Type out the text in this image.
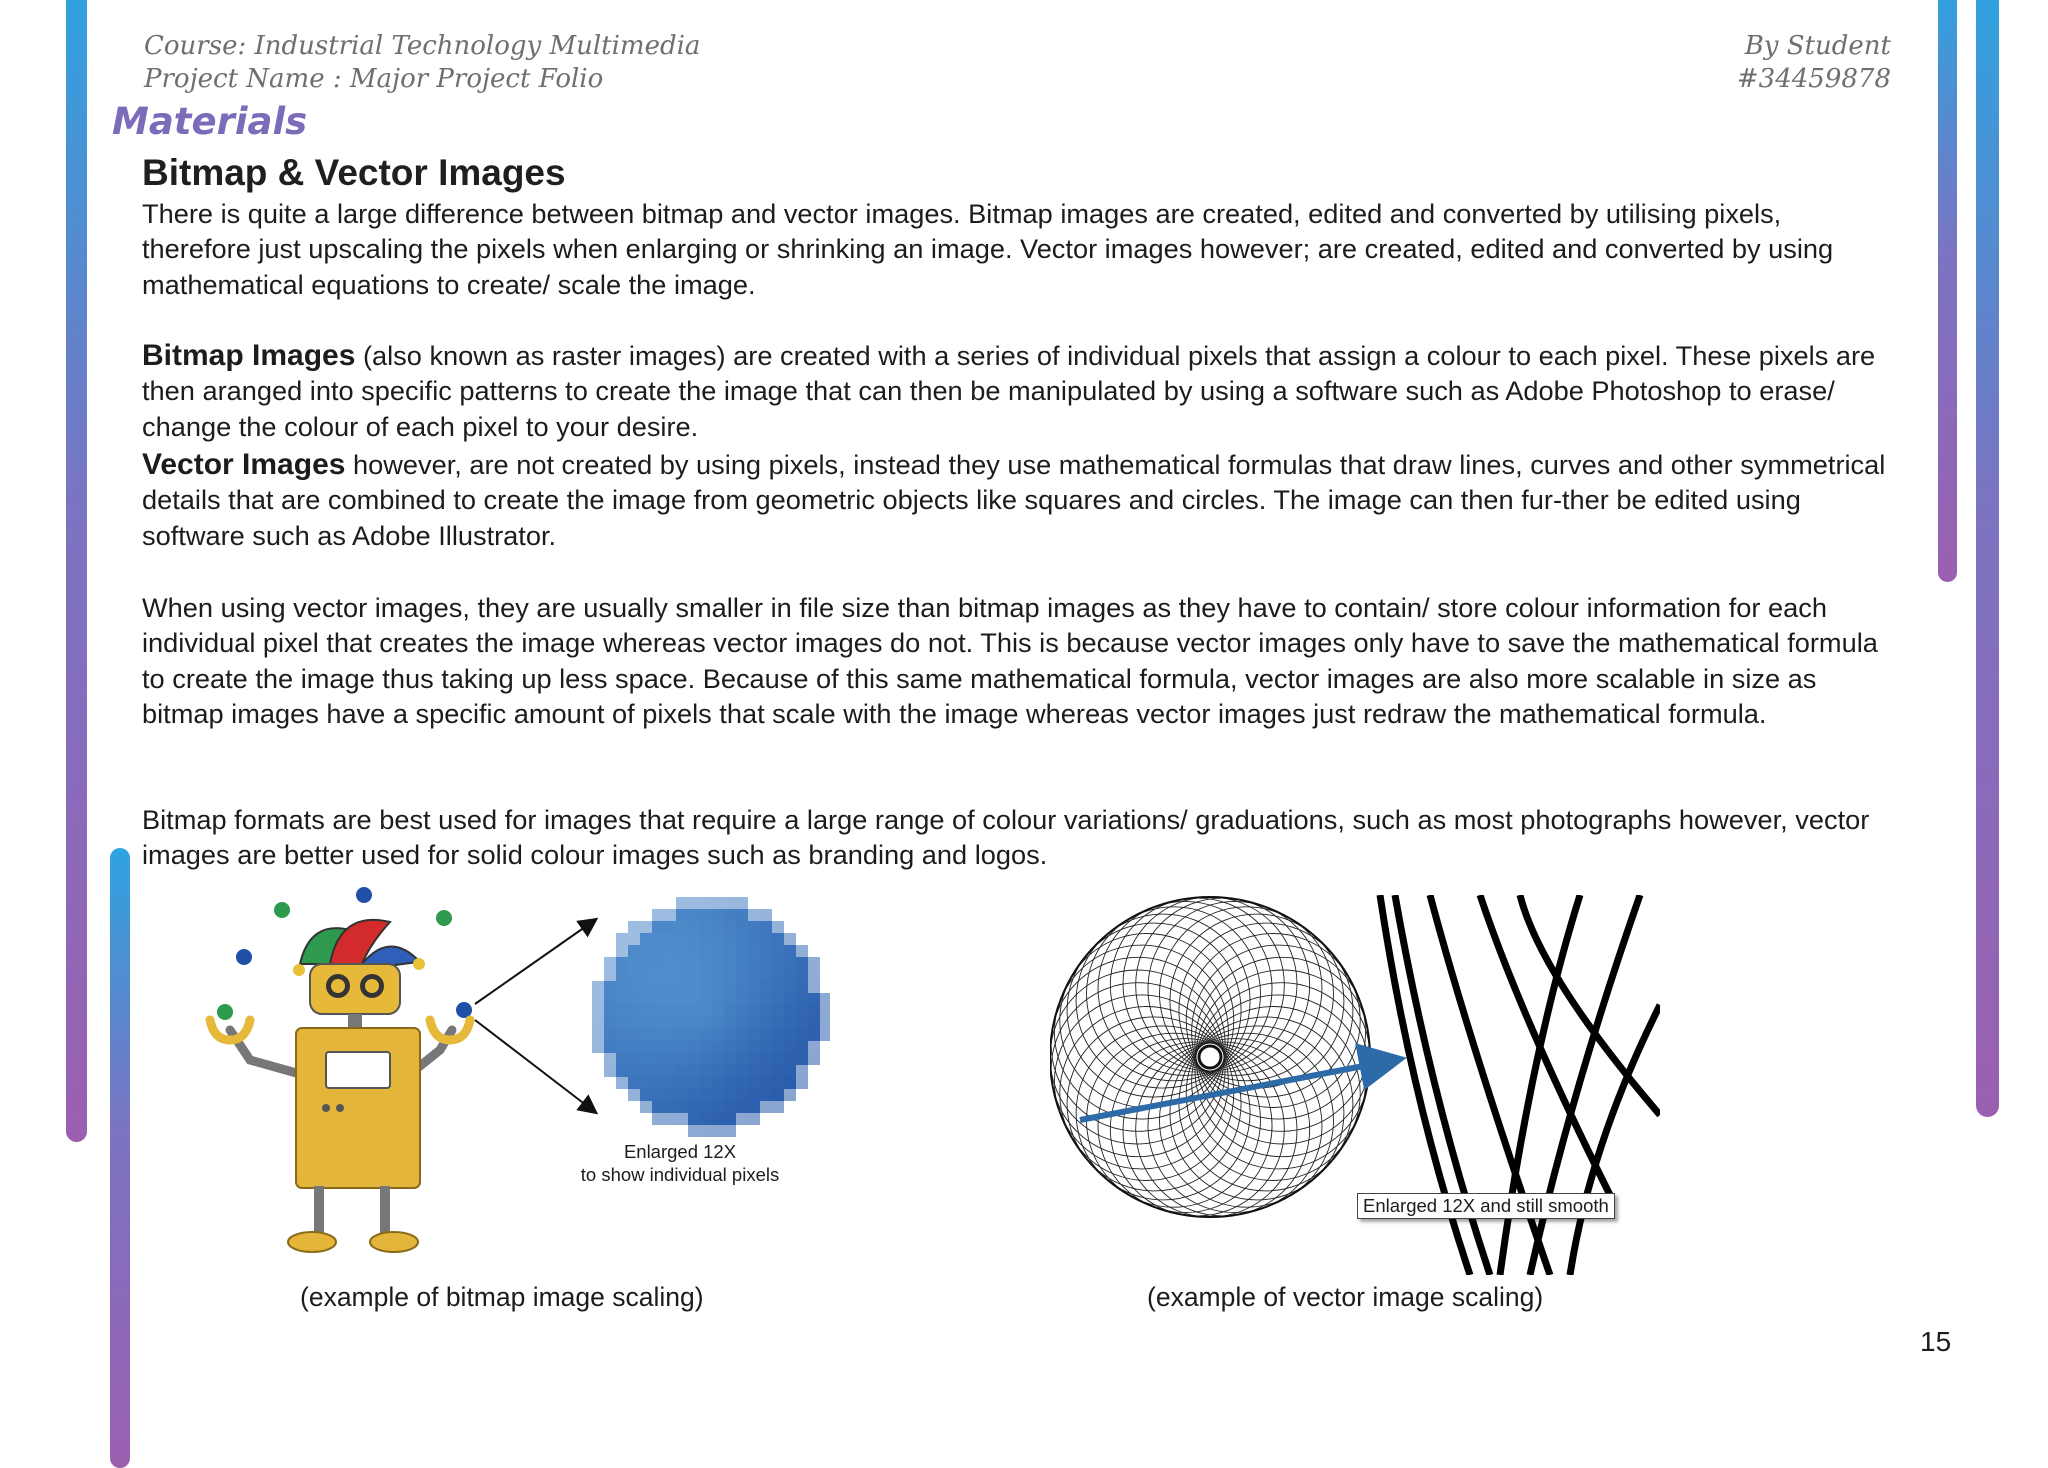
Course: Industrial Technology Multimedia
Project Name : Major Project Folio
By Student
#34459878
Materials
Bitmap & Vector Images

There is quite a large difference between bitmap and vector images. Bitmap images are created, edited and converted by utilising pixels, therefore just upscaling the pixels when enlarging or shrinking an image. Vector images however; are created, edited and converted by using mathematical equations to create/ scale the image.

Bitmap Images (also known as raster images) are created with a series of individual pixels that assign a colour to each pixel. These pixels are then aranged into specific patterns to create the image that can then be manipulated by using a software such as Adobe Photoshop to erase/ change the colour of each pixel to your desire.

Vector Images however, are not created by using pixels, instead they use mathematical formulas that draw lines, curves and other symmetrical details that are combined to create the image from geometric objects like squares and circles. The image can then fur-ther be edited using software such as Adobe Illustrator.

When using vector images, they are usually smaller in file size than bitmap images as they have to contain/ store colour information for each individual pixel that creates the image whereas vector images do not. This is because vector images only have to save the mathematical formula to create the image thus taking up less space. Because of this same mathematical formula, vector images are also more scalable in size as bitmap images have a specific amount of pixels that scale with the image whereas vector images just redraw the mathematical formula.

Bitmap formats are best used for images that require a large range of colour variations/ graduations, such as most photographs however, vector images are better used for solid colour images such as branding and logos.

Enlarged 12X
to show individual pixels
(example of bitmap image scaling)
Enlarged 12X and still smooth
(example of vector image scaling)
15
